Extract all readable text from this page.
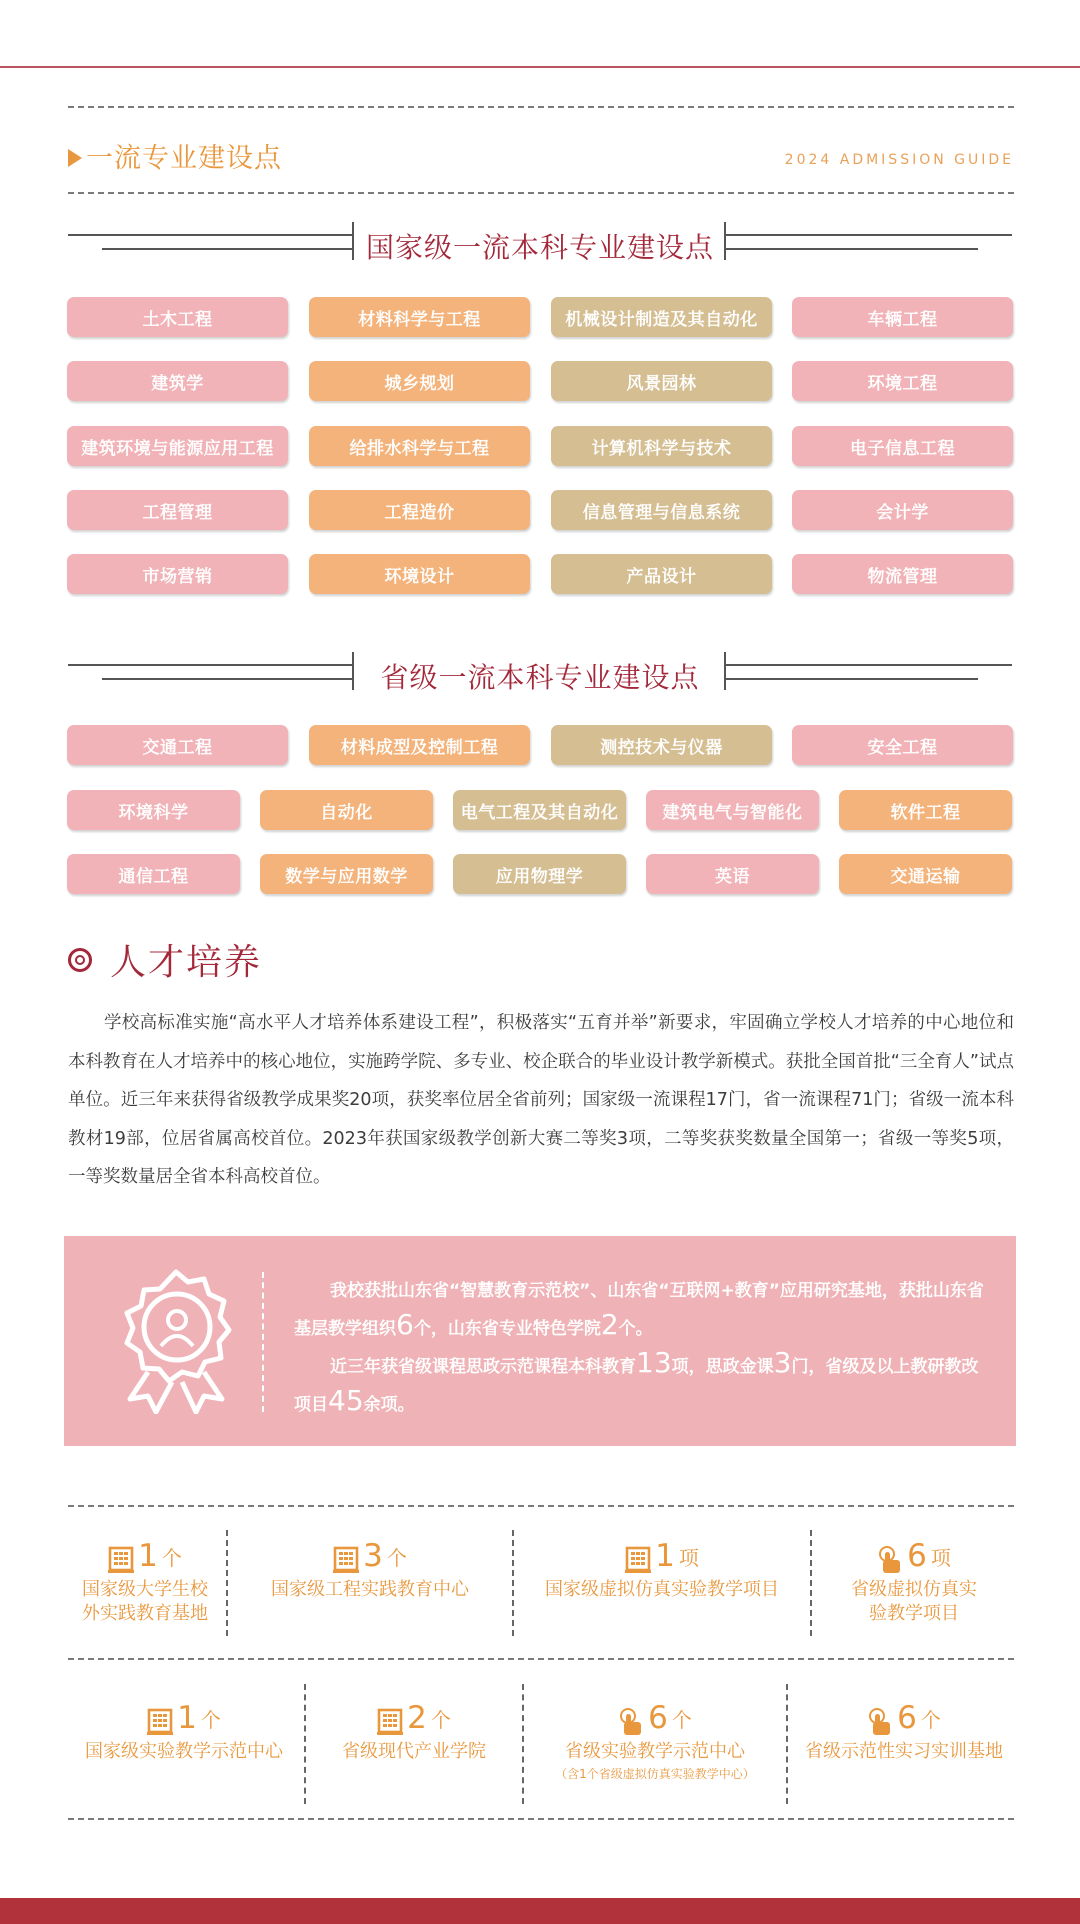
一流专业建设点	2024 ADMISSION GUIDE
国家级一流本科专业建设点
土木工程	材料科学与工程	机械设计制造及其自动化	车辆工程
建筑学	城乡规划	风景园林	环境工程
建筑环境与能源应用工程	给排水科学与工程	计算机科学与技术	电子信息工程
工程管理	工程造价	信息管理与信息系统	会计学
市场营销	环境设计	产品设计	物流管理
省级一流本科专业建设点
交通工程	材料成型及控制工程	测控技术与仪器	安全工程
环境科学	自动化	电气工程及其自动化	建筑电气与智能化	软件工程
通信工程	数学与应用数学	应用物理学	英语	交通运输
人才培养
学校高标准实施“高水平人才培养体系建设工程”，积极落实“五育并举”新要求，牢固确立学校人才培养的中心地位和本科教育在人才培养中的核心地位，实施跨学院、多专业、校企联合的毕业设计教学新模式。获批全国首批“三全育人”试点单位。近三年来获得省级教学成果奖20项，获奖率位居全省前列；国家级一流课程17门，省一流课程71门；省级一流本科教材19部，位居省属高校首位。2023年获国家级教学创新大赛二等奖3项，二等奖获奖数量全国第一；省级一等奖5项，一等奖数量居全省本科高校首位。

我校获批山东省“智慧教育示范校”、山东省“互联网+教育”应用研究基地，获批山东省基层教学组织6个，山东省专业特色学院2个。

近三年获省级课程思政示范课程本科教育13项，思政金课3门，省级及以上教研教改项目45余项。

1 个
国家级大学生校
外实践教育基地
3 个
国家级工程实践教育中心
1 项
国家级虚拟仿真实验教学项目
6 项
省级虚拟仿真实
验教学项目
1 个
国家级实验教学示范中心
2 个
省级现代产业学院
6 个
省级实验教学示范中心
（含1个省级虚拟仿真实验教学中心）
6 个
省级示范性实习实训基地
